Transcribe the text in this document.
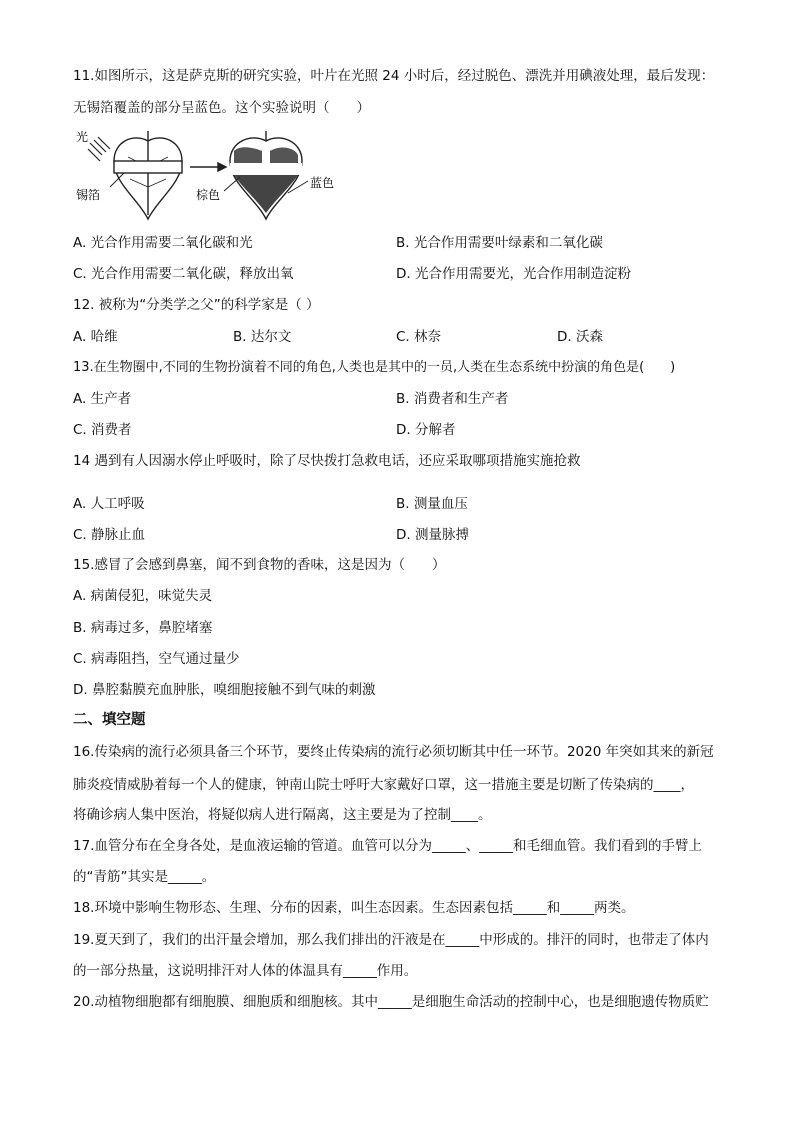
11.如图所示，这是萨克斯的研究实验，叶片在光照 24 小时后，经过脱色、漂洗并用碘液处理，最后发现：
无锡箔覆盖的部分呈蓝色。这个实验说明（　　）
光
锡箔	棕色
蓝色
A. 光合作用需要二氧化碳和光	B. 光合作用需要叶绿素和二氧化碳
C. 光合作用需要二氧化碳，释放出氧	D. 光合作用需要光，光合作用制造淀粉
12. 被称为“分类学之父”的科学家是（ ）
A. 哈维	B. 达尔文	C. 林奈	D. 沃森
13.在生物圈中,不同的生物扮演着不同的角色,人类也是其中的一员,人类在生态系统中扮演的角色是(　　)
A. 生产者	B. 消费者和生产者
C. 消费者	D. 分解者
14 遇到有人因溺水停止呼吸时，除了尽快拨打急救电话，还应采取哪项措施实施抢救
A. 人工呼吸	B. 测量血压
C. 静脉止血	D. 测量脉搏
15.感冒了会感到鼻塞，闻不到食物的香味，这是因为（　　）
A. 病菌侵犯，味觉失灵
B. 病毒过多，鼻腔堵塞
C. 病毒阻挡，空气通过量少
D. 鼻腔黏膜充血肿胀，嗅细胞接触不到气味的刺激
二、填空题
16.传染病的流行必须具备三个环节，要终止传染病的流行必须切断其中任一环节。2020 年突如其来的新冠
肺炎疫情威胁着每一个人的健康，钟南山院士呼吁大家戴好口罩，这一措施主要是切断了传染病的____，
将确诊病人集中医治，将疑似病人进行隔离，这主要是为了控制____。
17.血管分布在全身各处，是血液运输的管道。血管可以分为_____、_____和毛细血管。我们看到的手臂上
的“青筋”其实是_____。
18.环境中影响生物形态、生理、分布的因素，叫生态因素。生态因素包括_____和_____两类。
19.夏天到了，我们的出汗量会增加，那么我们排出的汗液是在_____中形成的。排汗的同时，也带走了体内
的一部分热量，这说明排汗对人体的体温具有_____作用。
20.动植物细胞都有细胞膜、细胞质和细胞核。其中_____是细胞生命活动的控制中心，也是细胞遗传物质贮
